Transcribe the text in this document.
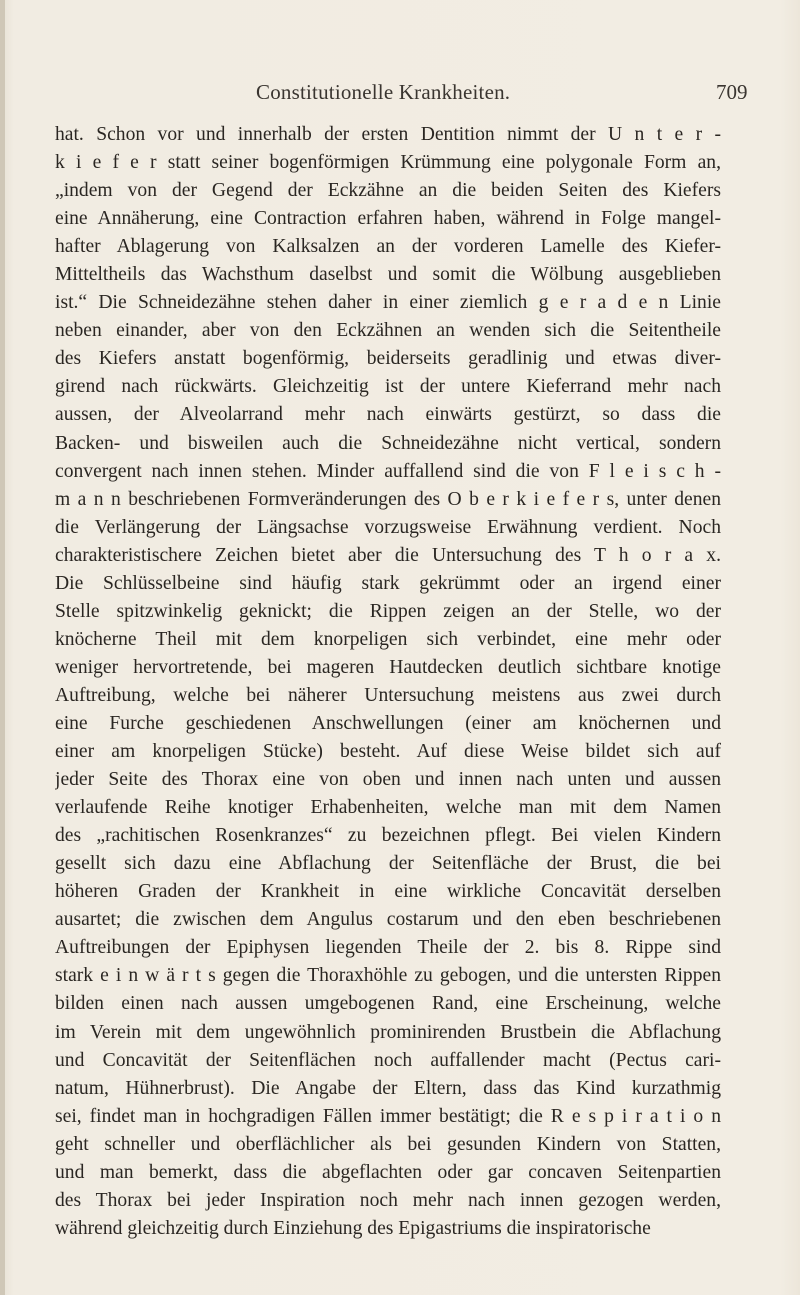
Constitutionelle Krankheiten.	709
hat. Schon vor und innerhalb der ersten Dentition nimmt der U n t e r -
k i e f e r statt seiner bogenförmigen Krümmung eine polygonale Form an,
„indem von der Gegend der Eckzähne an die beiden Seiten des Kiefers
eine Annäherung, eine Contraction erfahren haben, während in Folge mangel-
hafter Ablagerung von Kalksalzen an der vorderen Lamelle des Kiefer-
Mitteltheils das Wachsthum daselbst und somit die Wölbung ausgeblieben
ist.“ Die Schneidezähne stehen daher in einer ziemlich g e r a d e n Linie
neben einander, aber von den Eckzähnen an wenden sich die Seitentheile
des Kiefers anstatt bogenförmig, beiderseits geradlinig und etwas diver-
girend nach rückwärts. Gleichzeitig ist der untere Kieferrand mehr nach
aussen, der Alveolarrand mehr nach einwärts gestürzt, so dass die
Backen- und bisweilen auch die Schneidezähne nicht vertical, sondern
convergent nach innen stehen. Minder auffallend sind die von F l e i s c h -
m a n n beschriebenen Formveränderungen des O b e r k i e f e r s, unter denen
die Verlängerung der Längsachse vorzugsweise Erwähnung verdient. Noch
charakteristischere Zeichen bietet aber die Untersuchung des T h o r a x.
Die Schlüsselbeine sind häufig stark gekrümmt oder an irgend einer
Stelle spitzwinkelig geknickt; die Rippen zeigen an der Stelle, wo der
knöcherne Theil mit dem knorpeligen sich verbindet, eine mehr oder
weniger hervortretende, bei mageren Hautdecken deutlich sichtbare knotige
Auftreibung, welche bei näherer Untersuchung meistens aus zwei durch
eine Furche geschiedenen Anschwellungen (einer am knöchernen und
einer am knorpeligen Stücke) besteht. Auf diese Weise bildet sich auf
jeder Seite des Thorax eine von oben und innen nach unten und aussen
verlaufende Reihe knotiger Erhabenheiten, welche man mit dem Namen
des „rachitischen Rosenkranzes“ zu bezeichnen pflegt. Bei vielen Kindern
gesellt sich dazu eine Abflachung der Seitenfläche der Brust, die bei
höheren Graden der Krankheit in eine wirkliche Concavität derselben
ausartet; die zwischen dem Angulus costarum und den eben beschriebenen
Auftreibungen der Epiphysen liegenden Theile der 2. bis 8. Rippe sind
stark e i n w ä r t s gegen die Thoraxhöhle zu gebogen, und die untersten Rippen
bilden einen nach aussen umgebogenen Rand, eine Erscheinung, welche
im Verein mit dem ungewöhnlich prominirenden Brustbein die Abflachung
und Concavität der Seitenflächen noch auffallender macht (Pectus cari-
natum, Hühnerbrust). Die Angabe der Eltern, dass das Kind kurzathmig
sei, findet man in hochgradigen Fällen immer bestätigt; die R e s p i r a t i o n
geht schneller und oberflächlicher als bei gesunden Kindern von Statten,
und man bemerkt, dass die abgeflachten oder gar concaven Seitenpartien
des Thorax bei jeder Inspiration noch mehr nach innen gezogen werden,
während gleichzeitig durch Einziehung des Epigastriums die inspiratorische
